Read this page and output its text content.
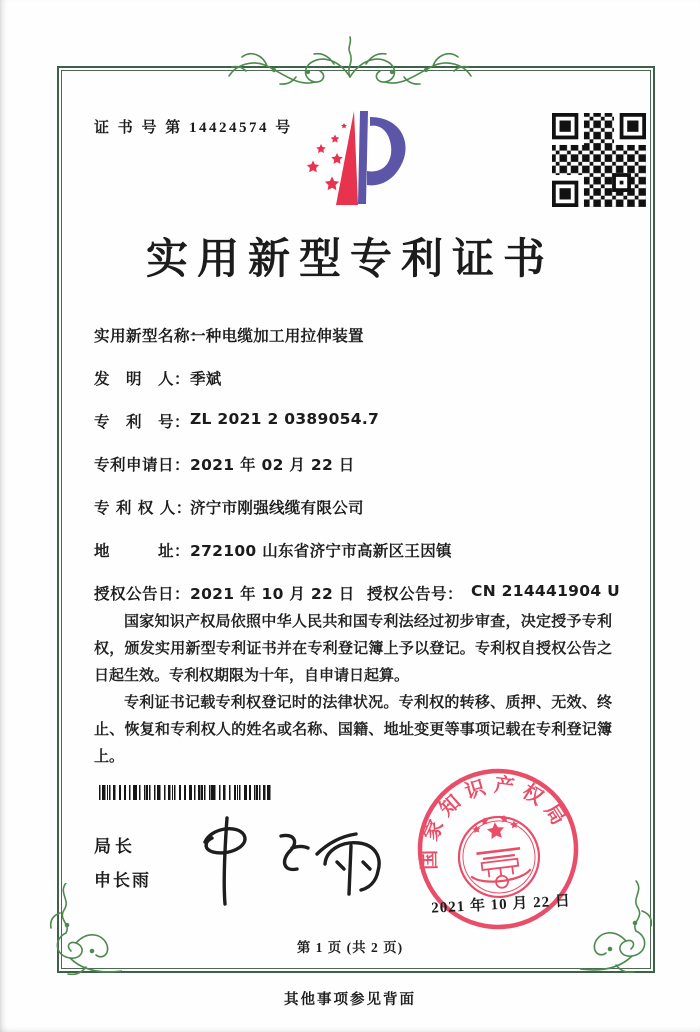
证 书 号 第 14424574 号
实用新型专利证书
实用新型名称：
一种电缆加工用拉伸装置
发　明　人： 季斌
专　利　号： ZL 2021 2 0389054.7
专利申请日： 2021 年 02 月 22 日
专 利 权 人：
济宁市刚强线缆有限公司
地　　　址： 272100 山东省济宁市高新区王因镇
授权公告日： 2021 年 10 月 22 日 授权公告号： CN 214441904 U

国家知识产权局依照中华人民共和国专利法经过初步审查，决定授予专利权，颁发实用新型专利证书并在专利登记簿上予以登记。专利权自授权公告之日起生效。专利权期限为十年，自申请日起算。

专利证书记载专利权登记时的法律状况。专利权的转移、质押、无效、终止、恢复和专利权人的姓名或名称、国籍、地址变更等事项记载在专利登记簿上。

局长
申长雨
国家知识产权局
2021 年 10 月 22 日
第 1 页 (共 2 页)
其他事项参见背面
